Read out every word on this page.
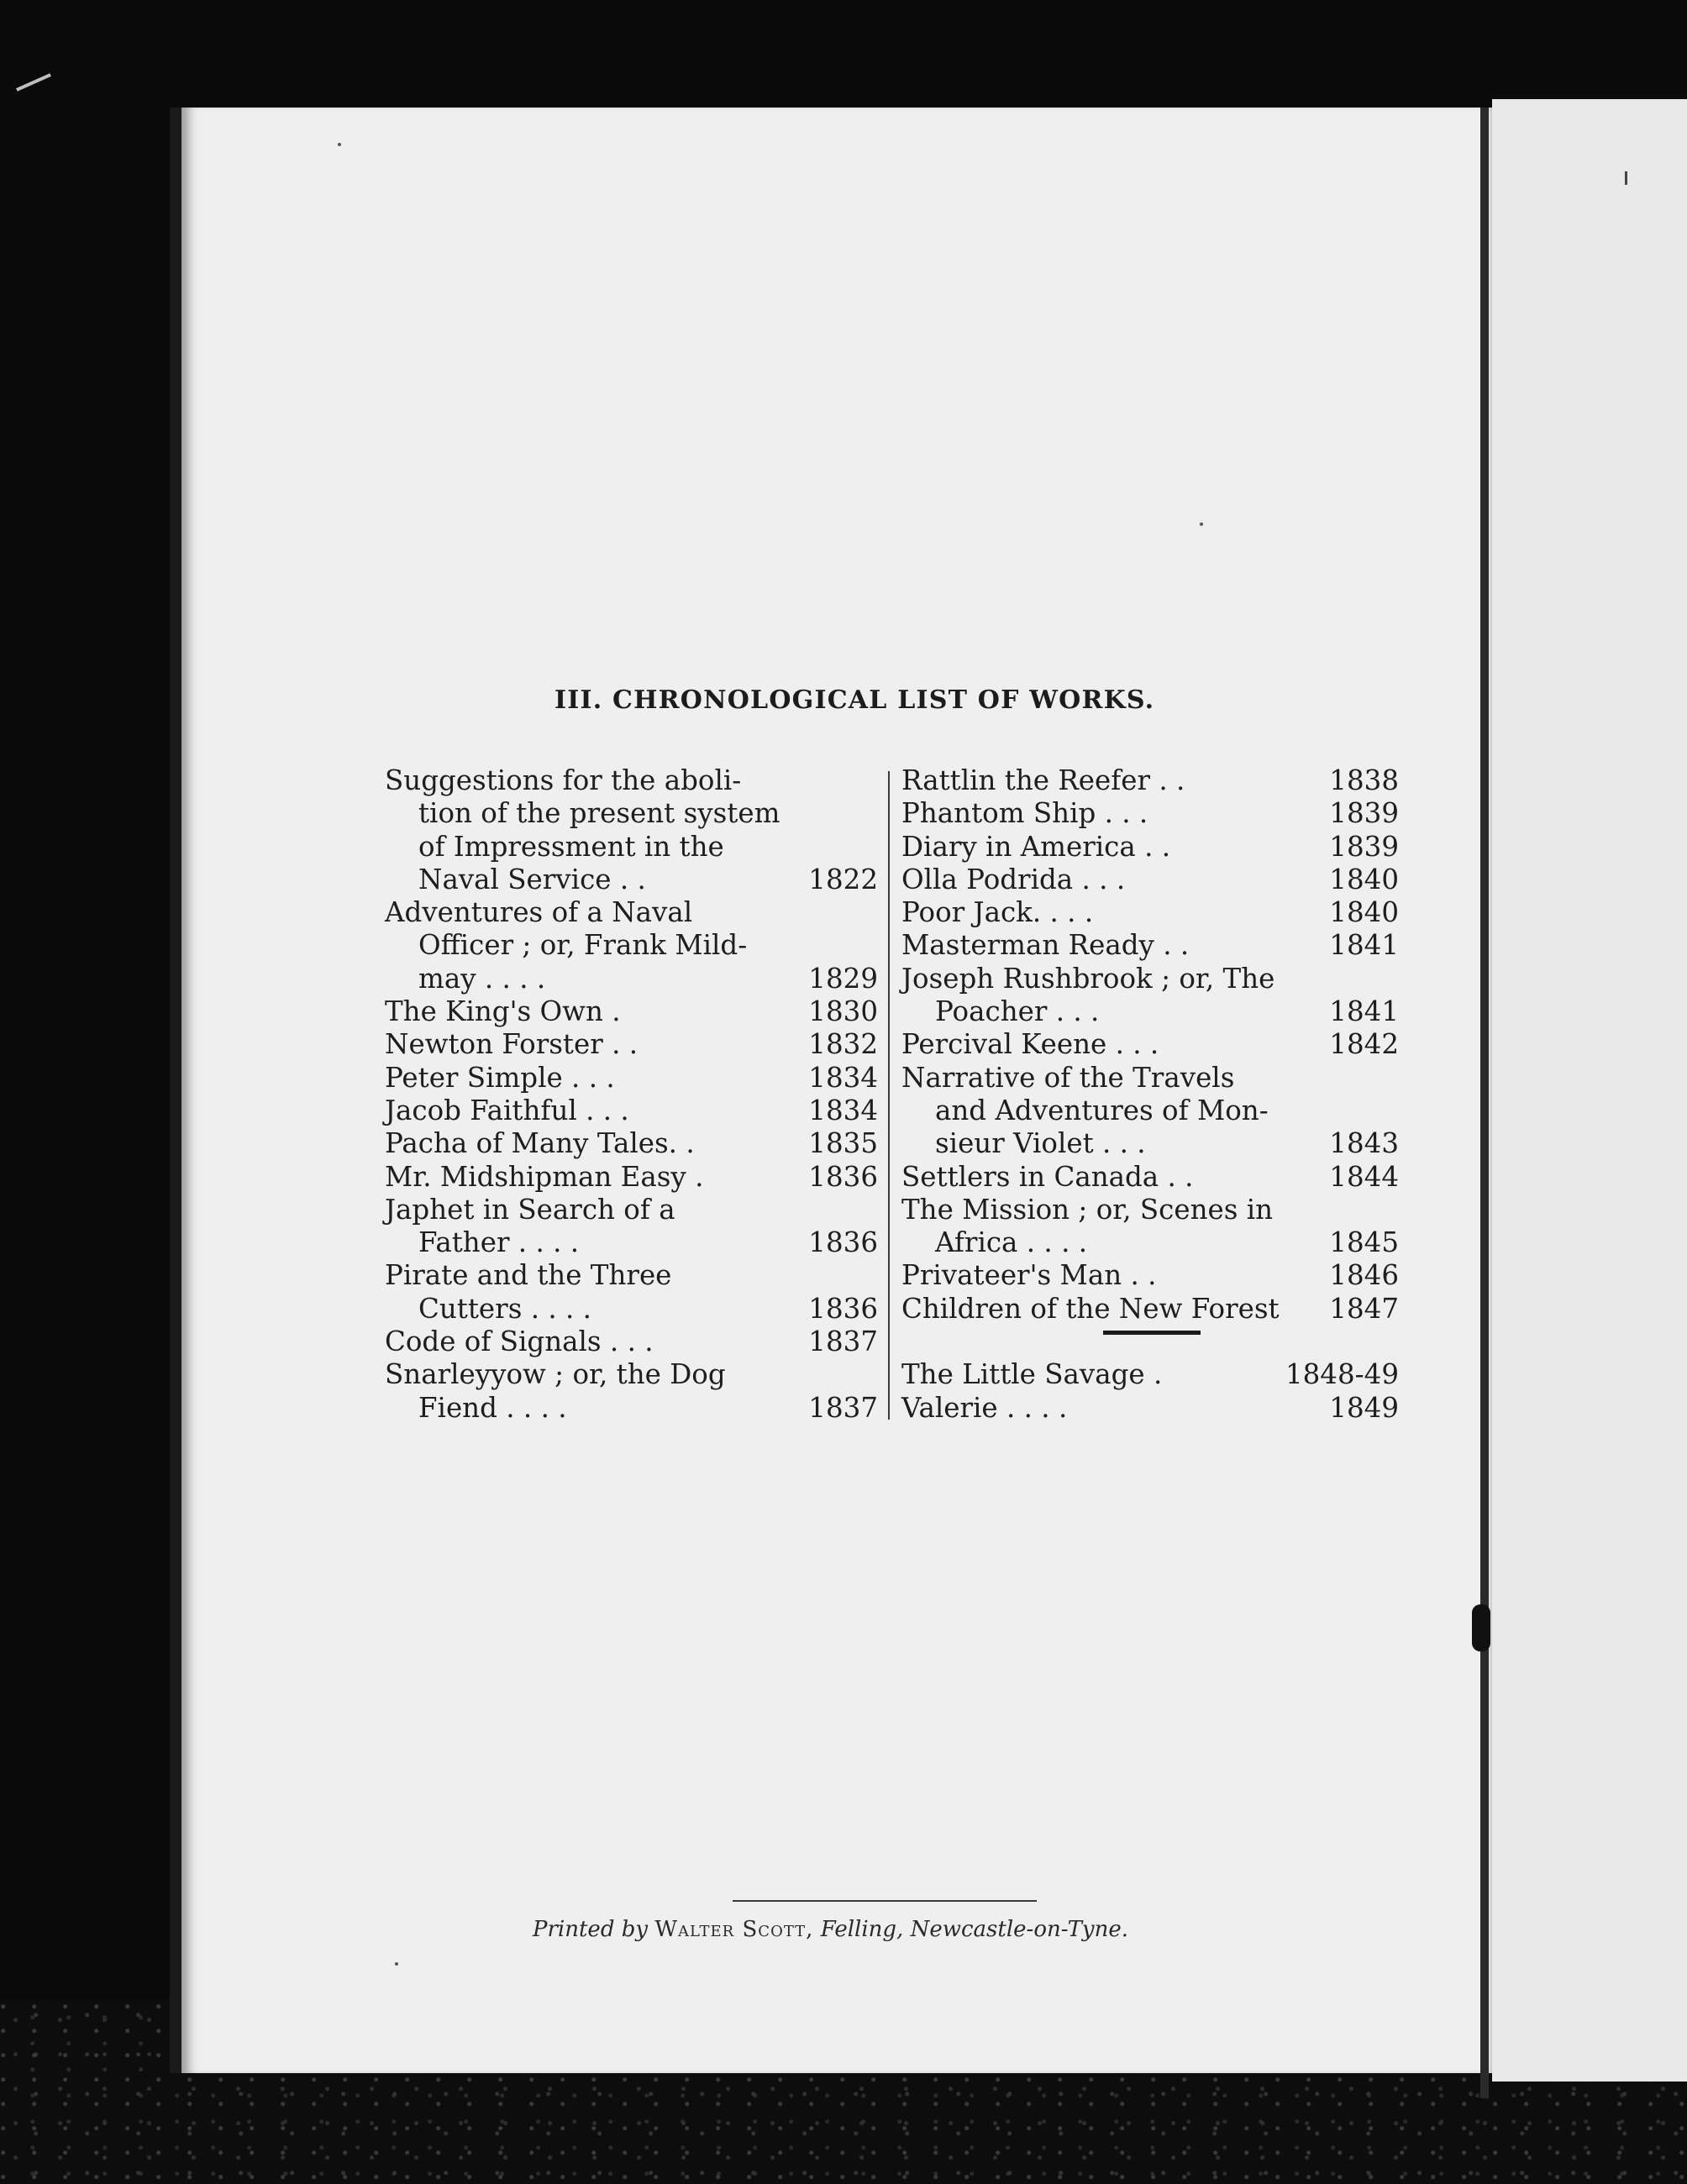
III. CHRONOLOGICAL LIST OF WORKS.
Suggestions for the aboli-
tion of the present system
of Impressment in the
Naval Service . .	1822
Adventures of a Naval
Officer ; or, Frank Mild-
may . . . .	1829
The King's Own .	1830
Newton Forster . .	1832
Peter Simple . . .	1834
Jacob Faithful . . .	1834
Pacha of Many Tales. .	1835
Mr. Midshipman Easy .	1836
Japhet in Search of a
Father . . . .	1836
Pirate and the Three
Cutters . . . .	1836
Code of Signals . . .	1837
Snarleyyow ; or, the Dog
Fiend . . . .	1837
Rattlin the Reefer . .	1838
Phantom Ship . . .	1839
Diary in America . .	1839
Olla Podrida . . .	1840
Poor Jack. . . .	1840
Masterman Ready . .	1841
Joseph Rushbrook ; or, The
Poacher . . .	1841
Percival Keene . . .	1842
Narrative of the Travels
and Adventures of Mon-
sieur Violet . . .	1843
Settlers in Canada . .	1844
The Mission ; or, Scenes in
Africa . . . .	1845
Privateer's Man . .	1846
Children of the New Forest 1847
The Little Savage .	1848-49
Valerie . . . .	1849
Printed by Walter Scott, Felling, Newcastle-on-Tyne.
